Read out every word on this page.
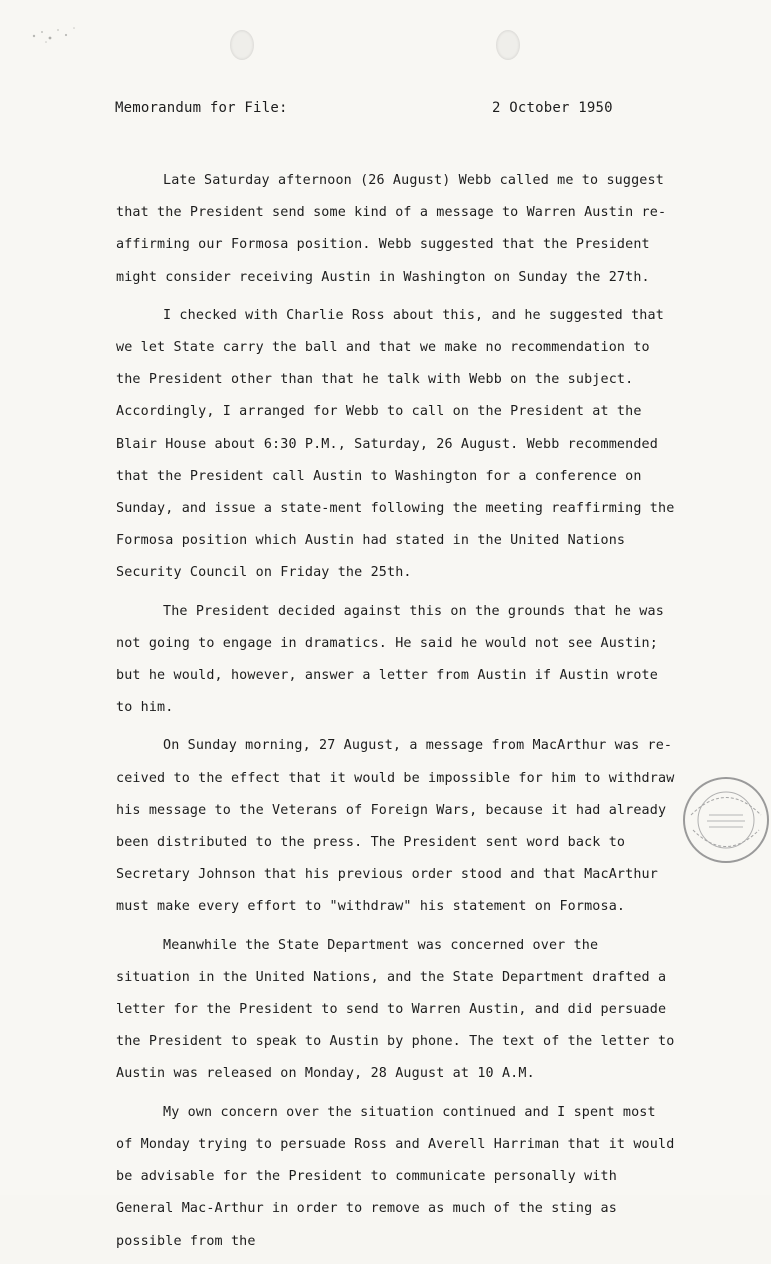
Memorandum for File:	2 October 1950

Late Saturday afternoon (26 August) Webb called me to suggest that the President send some kind of a message to Warren Austin re-affirming our Formosa position. Webb suggested that the President might consider receiving Austin in Washington on Sunday the 27th.

I checked with Charlie Ross about this, and he suggested that we let State carry the ball and that we make no recommendation to the President other than that he talk with Webb on the subject. Accordingly, I arranged for Webb to call on the President at the Blair House about 6:30 P.M., Saturday, 26 August. Webb recommended that the President call Austin to Washington for a conference on Sunday, and issue a state-ment following the meeting reaffirming the Formosa position which Austin had stated in the United Nations Security Council on Friday the 25th.

The President decided against this on the grounds that he was not going to engage in dramatics. He said he would not see Austin; but he would, however, answer a letter from Austin if Austin wrote to him.

On Sunday morning, 27 August, a message from MacArthur was re-ceived to the effect that it would be impossible for him to withdraw his message to the Veterans of Foreign Wars, because it had already been distributed to the press. The President sent word back to Secretary Johnson that his previous order stood and that MacArthur must make every effort to "withdraw" his statement on Formosa.

Meanwhile the State Department was concerned over the situation in the United Nations, and the State Department drafted a letter for the President to send to Warren Austin, and did persuade the President to speak to Austin by phone. The text of the letter to Austin was released on Monday, 28 August at 10 A.M.

My own concern over the situation continued and I spent most of Monday trying to persuade Ross and Averell Harriman that it would be advisable for the President to communicate personally with General Mac-Arthur in order to remove as much of the sting as possible from the
